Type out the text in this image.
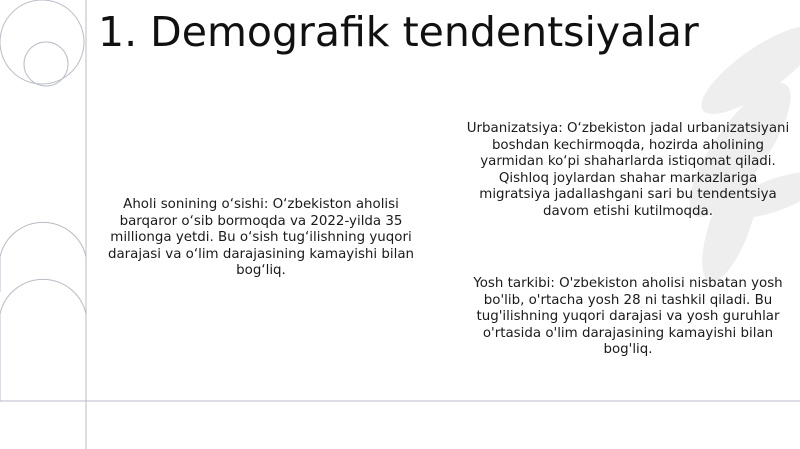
1. Demografik tendentsiyalar

Aholi sonining o‘sishi: O‘zbekiston aholisi barqaror o‘sib bormoqda va 2022-yilda 35 millionga yetdi. Bu o‘sish tug‘ilishning yuqori darajasi va o‘lim darajasining kamayishi bilan bog‘liq.

Urbanizatsiya: O‘zbekiston jadal urbanizatsiyani boshdan kechirmoqda, hozirda aholining yarmidan ko‘pi shaharlarda istiqomat qiladi. Qishloq joylardan shahar markazlariga migratsiya jadallashgani sari bu tendentsiya davom etishi kutilmoqda.

Yosh tarkibi: O'zbekiston aholisi nisbatan yosh bo'lib, o'rtacha yosh 28 ni tashkil qiladi. Bu tug'ilishning yuqori darajasi va yosh guruhlar o'rtasida o'lim darajasining kamayishi bilan bog'liq.
